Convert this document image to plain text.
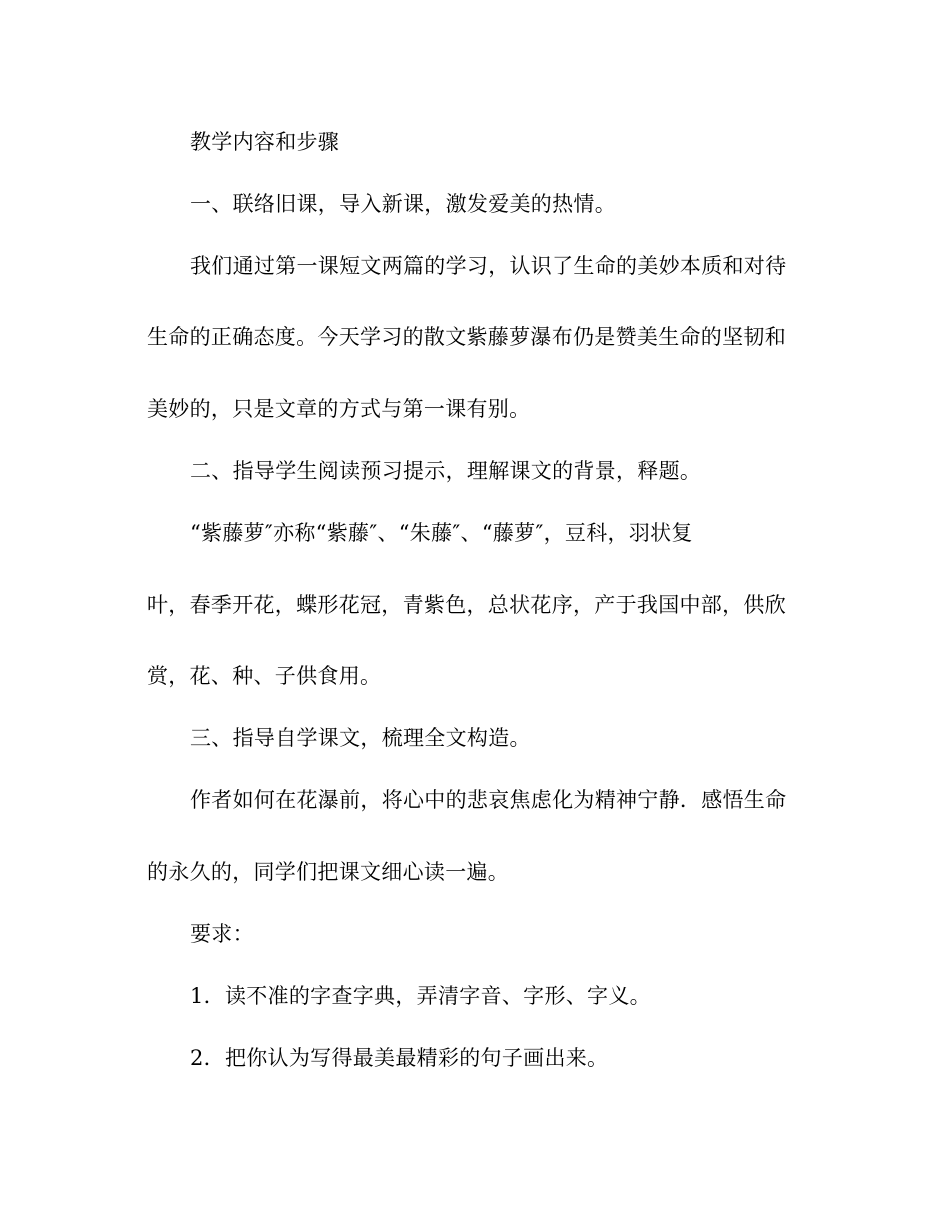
教学内容和步骤
一、联络旧课，导入新课，激发爱美的热情。
我们通过第一课短文两篇的学习，认识了生命的美妙本质和对待
生命的正确态度。今天学习的散文紫藤萝瀑布仍是赞美生命的坚韧和
美妙的，只是文章的方式与第一课有别。
二、指导学生阅读预习提示，理解课文的背景，释题。
“紫藤萝″亦称“紫藤″、“朱藤″、“藤萝″，豆科，羽状复
叶，春季开花，蝶形花冠，青紫色，总状花序，产于我国中部，供欣
赏，花、种、子供食用。
三、指导自学课文，梳理全文构造。
作者如何在花瀑前，将心中的悲哀焦虑化为精神宁静．感悟生命
的永久的，同学们把课文细心读一遍。
要求：
1．读不准的字查字典，弄清字音、字形、字义。
2．把你认为写得最美最精彩的句子画出来。
